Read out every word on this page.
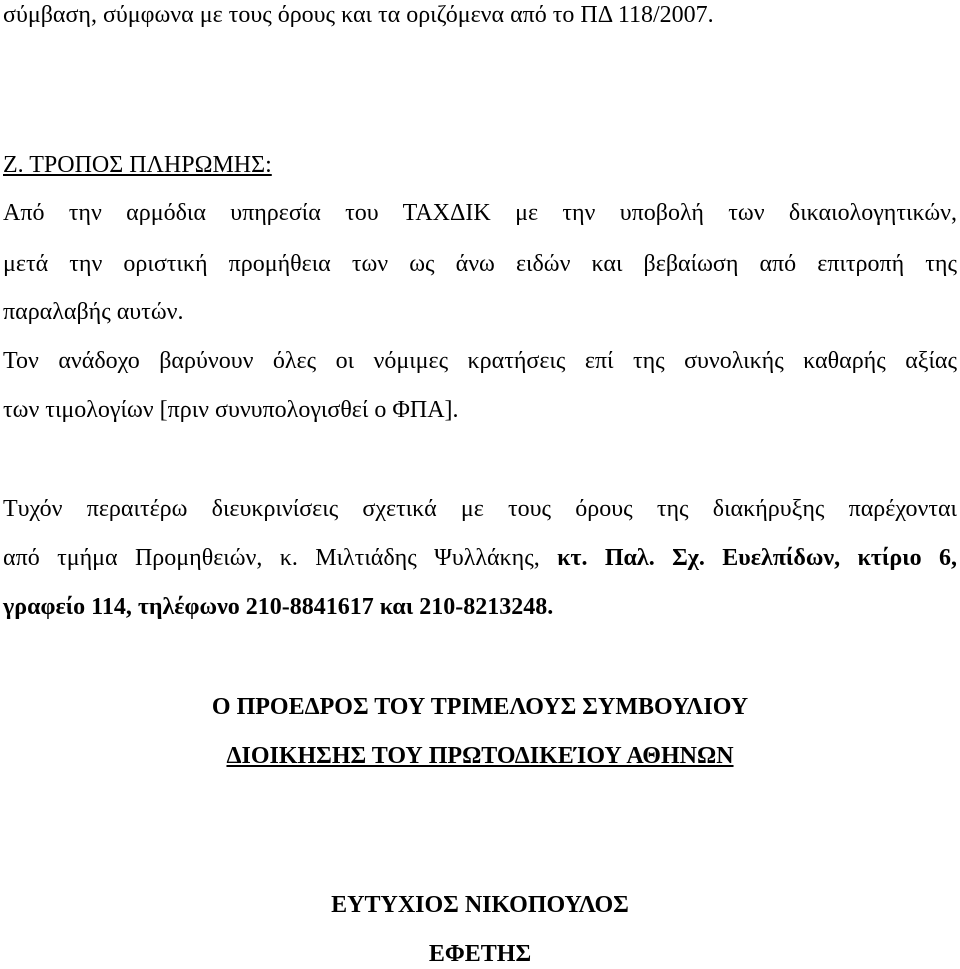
σύμβαση, σύμφωνα με τους όρους και τα οριζόμενα από το ΠΔ 118/2007.
Ζ. ΤΡΟΠΟΣ ΠΛΗΡΩΜΗΣ:
Από την αρμόδια υπηρεσία του ΤΑΧΔΙΚ με την υποβολή των δικαιολογητικών,
μετά την οριστική προμήθεια των ως άνω ειδών και βεβαίωση από επιτροπή της
παραλαβής αυτών.
Τον ανάδοχο βαρύνουν όλες οι νόμιμες κρατήσεις επί της συνολικής καθαρής αξίας
των τιμολογίων [πριν συνυπολογισθεί ο ΦΠΑ].
Τυχόν περαιτέρω διευκρινίσεις σχετικά με τους όρους της διακήρυξης παρέχονται
από τμήμα Προμηθειών, κ. Μιλτιάδης Ψυλλάκης, κτ. Παλ. Σχ. Ευελπίδων, κτίριο 6,
γραφείο 114, τηλέφωνο 210-8841617 και 210-8213248.
Ο ΠΡΟΕΔΡΟΣ ΤΟΥ ΤΡΙΜΕΛΟΥΣ ΣΥΜΒΟΥΛΙΟΥ
ΔΙΟΙΚΗΣΗΣ ΤΟΥ ΠΡΩΤΟΔΙΚΕΊΟΥ ΑΘΗΝΩΝ
ΕΥΤΥΧΙΟΣ ΝΙΚΟΠΟΥΛΟΣ
ΕΦΕΤΗΣ
